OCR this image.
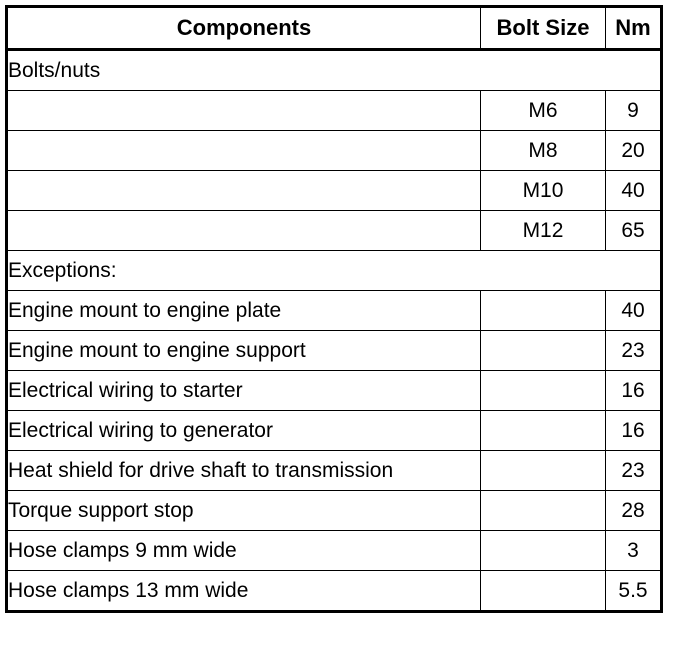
Components	Bolt Size	Nm
Bolts/nuts		
	M6	9
	M8	20
	M10	40
	M12	65
Exceptions:		
Engine mount to engine plate		40
Engine mount to engine support		23
Electrical wiring to starter		16
Electrical wiring to generator		16
Heat shield for drive shaft to transmission		23
Torque support stop		28
Hose clamps 9 mm wide		3
Hose clamps 13 mm wide		5.5
